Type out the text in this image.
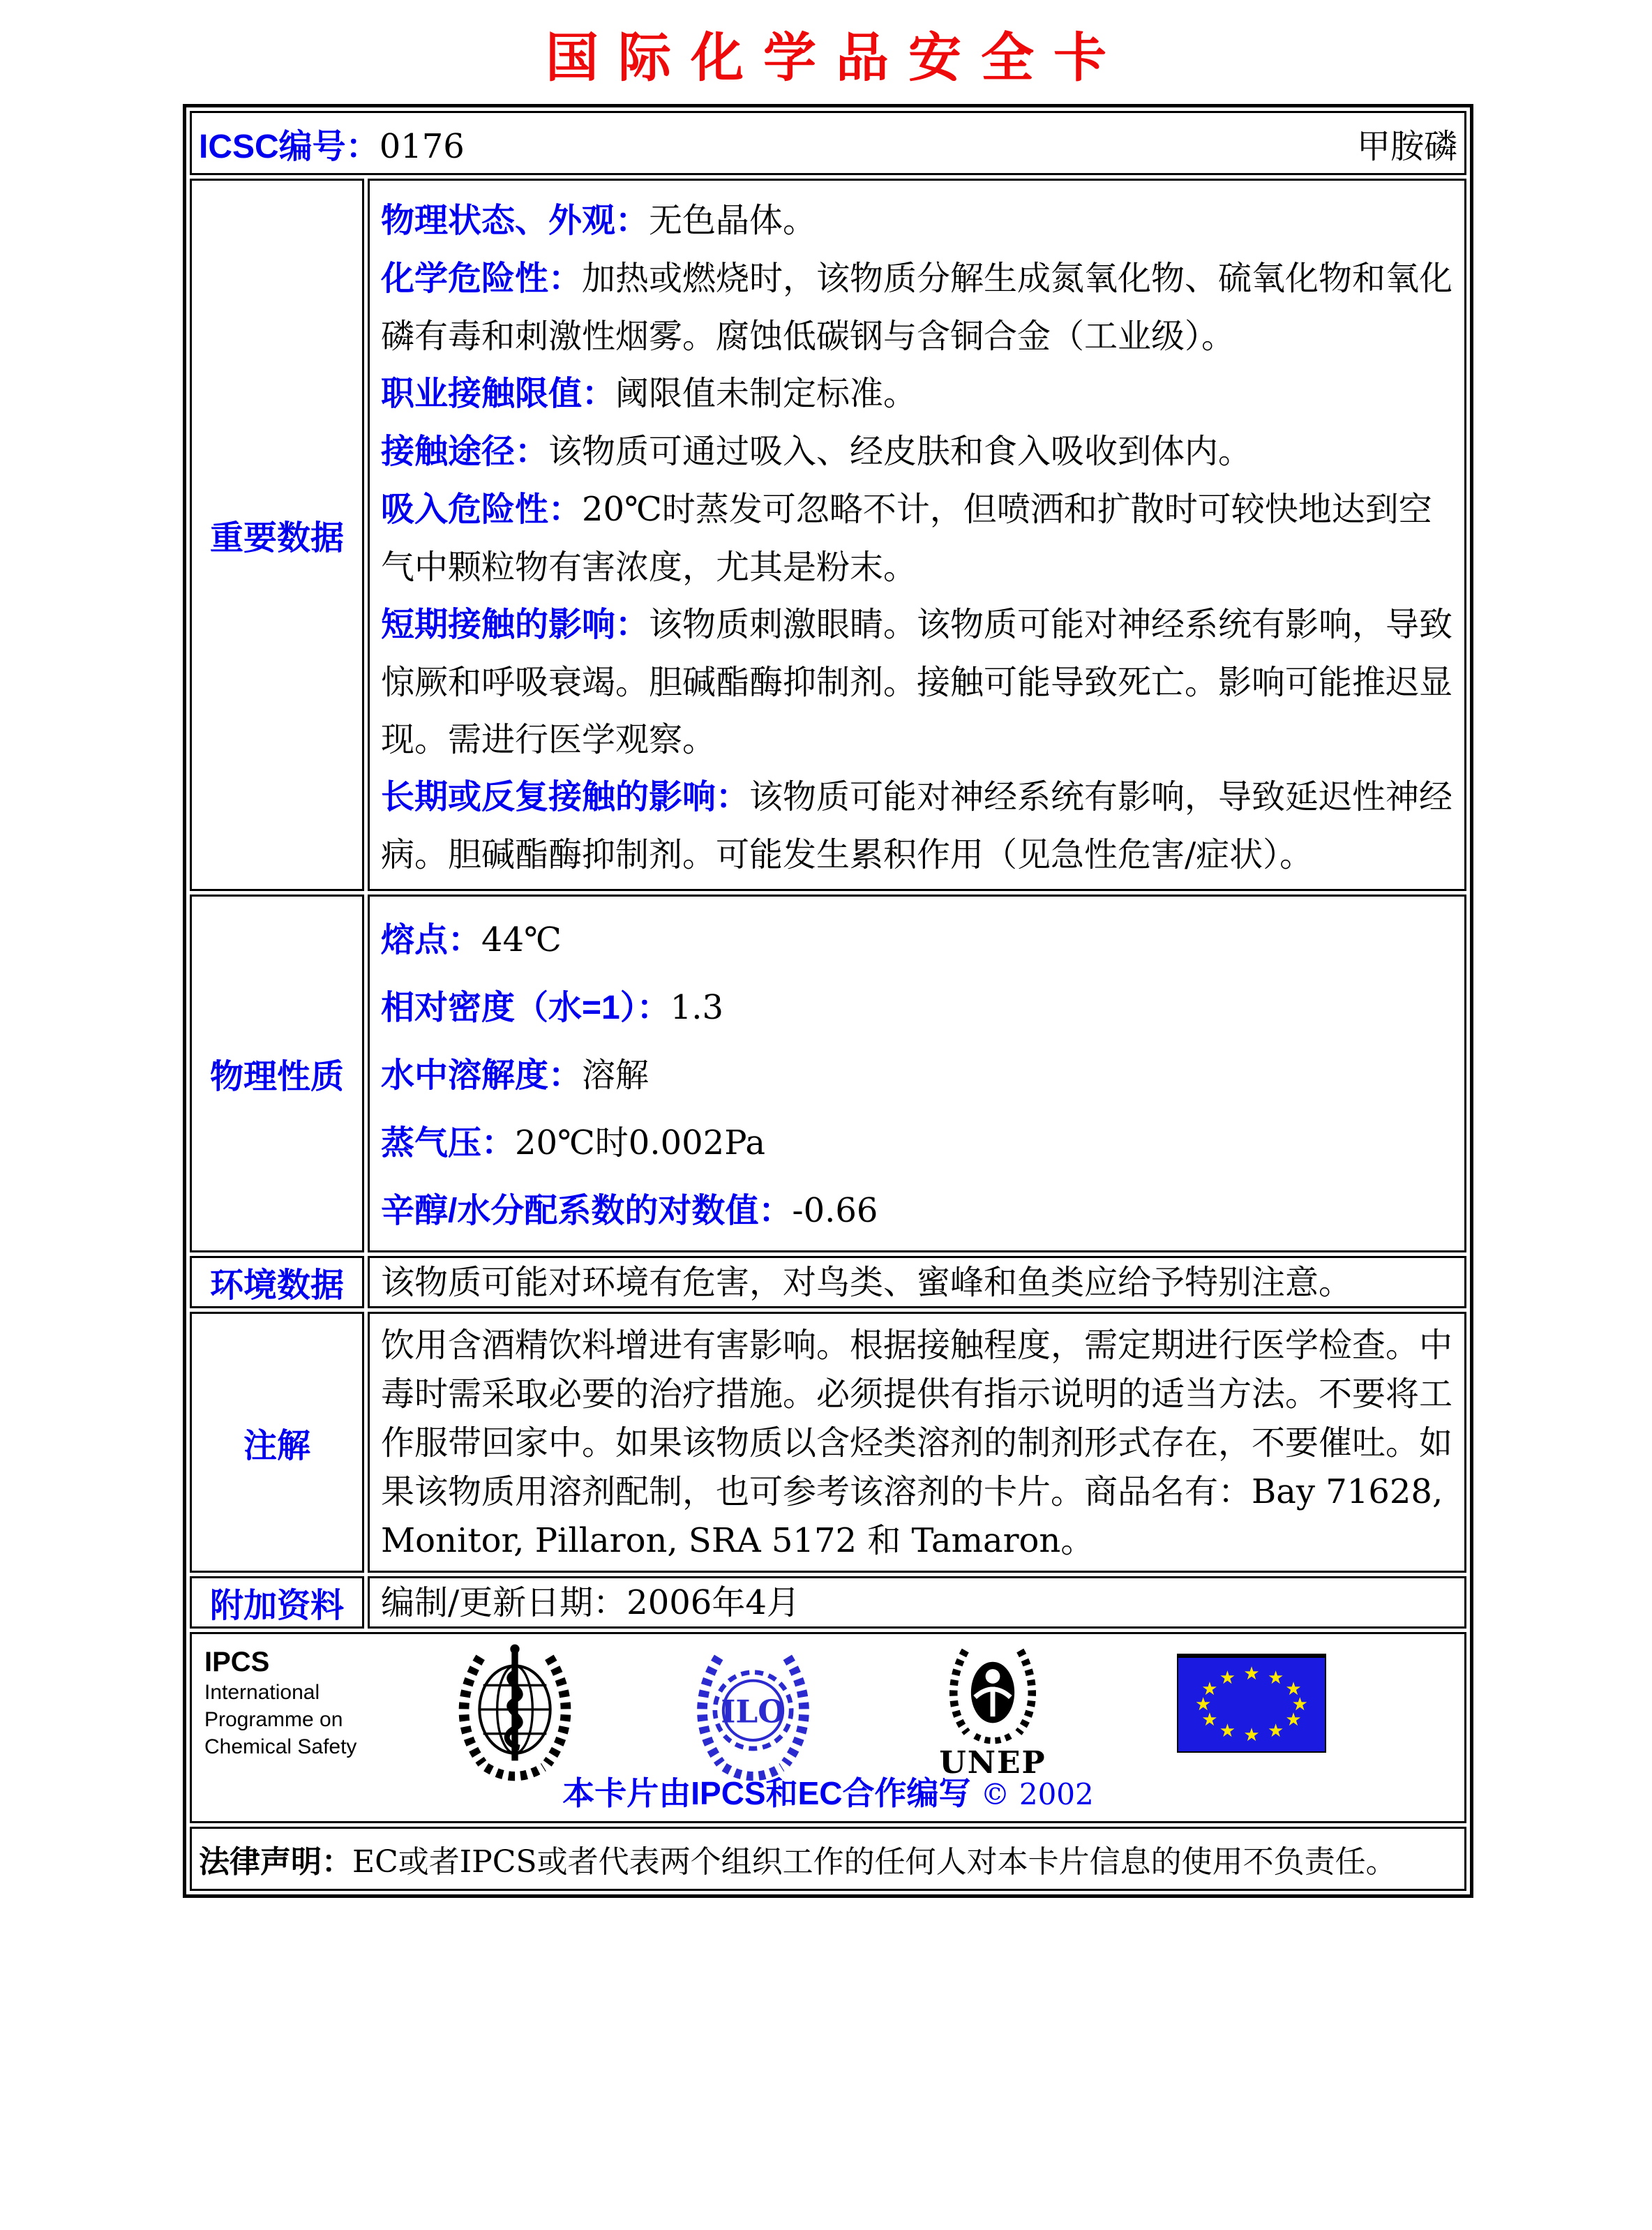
国际化学品安全卡
ICSC编号：0176 甲胺磷	

重要数据	
物理状态、外观：无色晶体。
化学危险性：加热或燃烧时，该物质分解生成氮氧化物、硫氧化物和氧化磷有毒和刺激性烟雾。腐蚀低碳钢与含铜合金（工业级）。
职业接触限值：阈限值未制定标准。
接触途径：该物质可通过吸入、经皮肤和食入吸收到体内。
吸入危险性：20℃时蒸发可忽略不计，但喷洒和扩散时可较快地达到空气中颗粒物有害浓度，尤其是粉末。
短期接触的影响：该物质刺激眼睛。该物质可能对神经系统有影响，导致惊厥和呼吸衰竭。胆碱酯酶抑制剂。接触可能导致死亡。影响可能推迟显现。需进行医学观察。
长期或反复接触的影响：该物质可能对神经系统有影响，导致延迟性神经病。胆碱酯酶抑制剂。可能发生累积作用（见急性危害/症状）。

物理性质	熔点：44℃
相对密度（水=1）：1.3
水中溶解度：溶解
蒸气压：20℃时0.002Pa
辛醇/水分配系数的对数值：-0.66

环境数据	该物质可能对环境有危害，对鸟类、蜜峰和鱼类应给予特别注意。
注解	饮用含酒精饮料增进有害影响。根据接触程度，需定期进行医学检查。中毒时需采取必要的治疗措施。必须提供有指示说明的适当方法。不要将工作服带回家中。如果该物质以含烃类溶剂的制剂形式存在，不要催吐。如果该物质用溶剂配制，也可参考该溶剂的卡片。商品名有：Bay 71628, Monitor, Pillaron, SRA 5172 和 Tamaron。
附加资料	编制/更新日期：2006年4月

IPCS
International
Programme on
Chemical Safety
ILO
UNEP
★
★
★
★
★
★
★
★
★
★
★
★
本卡片由IPCS和EC合作编写 © 2002

法律声明：EC或者IPCS或者代表两个组织工作的任何人对本卡片信息的使用不负责任。	
